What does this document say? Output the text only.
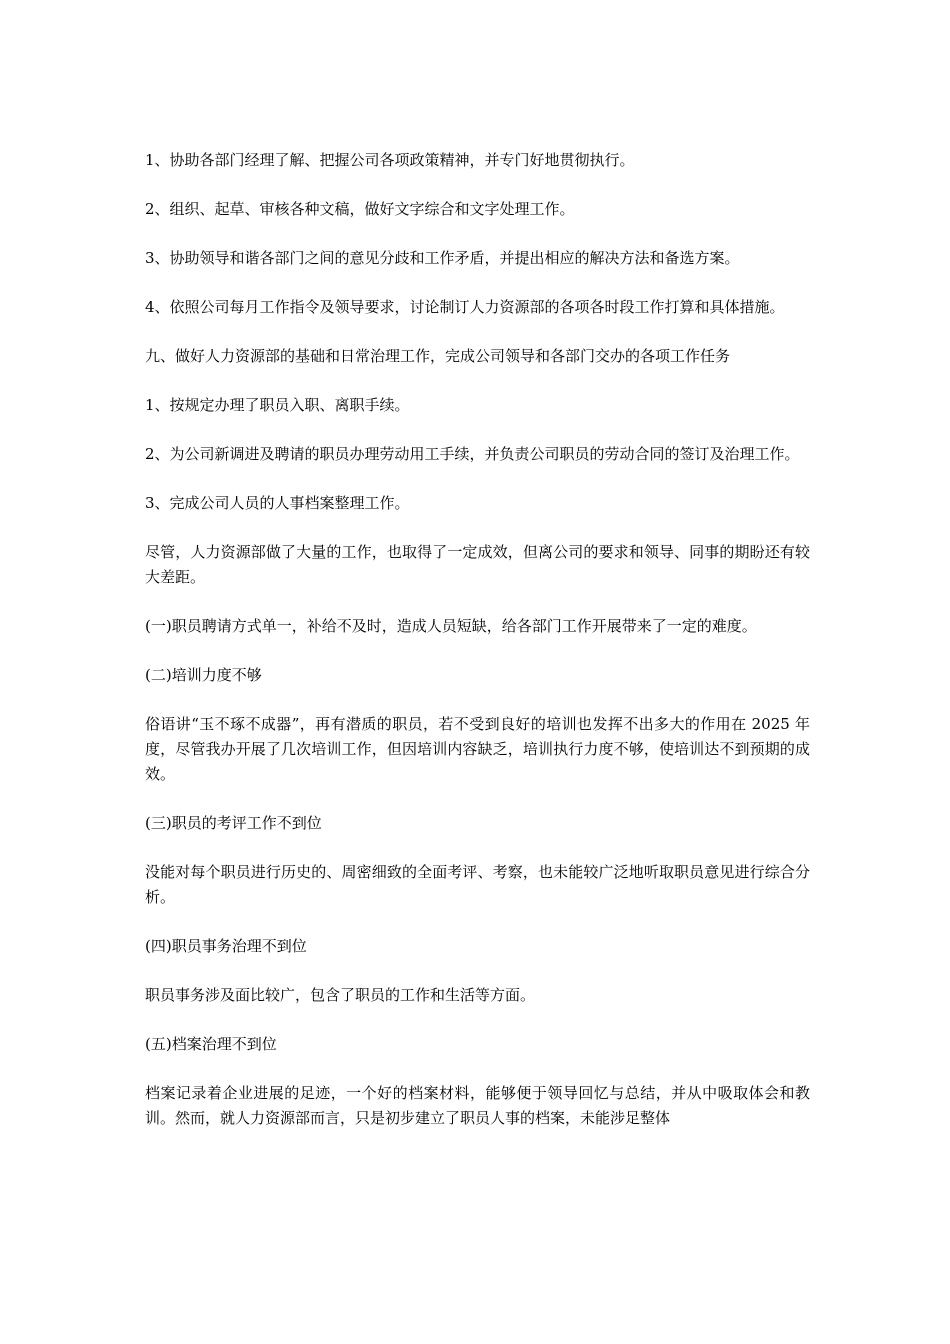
1、协助各部门经理了解、把握公司各项政策精神，并专门好地贯彻执行。

2、组织、起草、审核各种文稿，做好文字综合和文字处理工作。

3、协助领导和谐各部门之间的意见分歧和工作矛盾，并提出相应的解决方法和备选方案。

4、依照公司每月工作指令及领导要求，讨论制订人力资源部的各项各时段工作打算和具体措施。

九、做好人力资源部的基础和日常治理工作，完成公司领导和各部门交办的各项工作任务

1、按规定办理了职员入职、离职手续。

2、为公司新调进及聘请的职员办理劳动用工手续，并负责公司职员的劳动合同的签订及治理工作。

3、完成公司人员的人事档案整理工作。

尽管，人力资源部做了大量的工作，也取得了一定成效，但离公司的要求和领导、同事的期盼还有较大差距。

(一)职员聘请方式单一，补给不及时，造成人员短缺，给各部门工作开展带来了一定的难度。

(二)培训力度不够

俗语讲“玉不琢不成器”，再有潜质的职员，若不受到良好的培训也发挥不出多大的作用在 2025 年度，尽管我办开展了几次培训工作，但因培训内容缺乏，培训执行力度不够，使培训达不到预期的成效。

(三)职员的考评工作不到位

没能对每个职员进行历史的、周密细致的全面考评、考察，也未能较广泛地听取职员意见进行综合分析。

(四)职员事务治理不到位

职员事务涉及面比较广，包含了职员的工作和生活等方面。

(五)档案治理不到位

档案记录着企业进展的足迹，一个好的档案材料，能够便于领导回忆与总结，并从中吸取体会和教训。然而，就人力资源部而言，只是初步建立了职员人事的档案，未能涉足整体
